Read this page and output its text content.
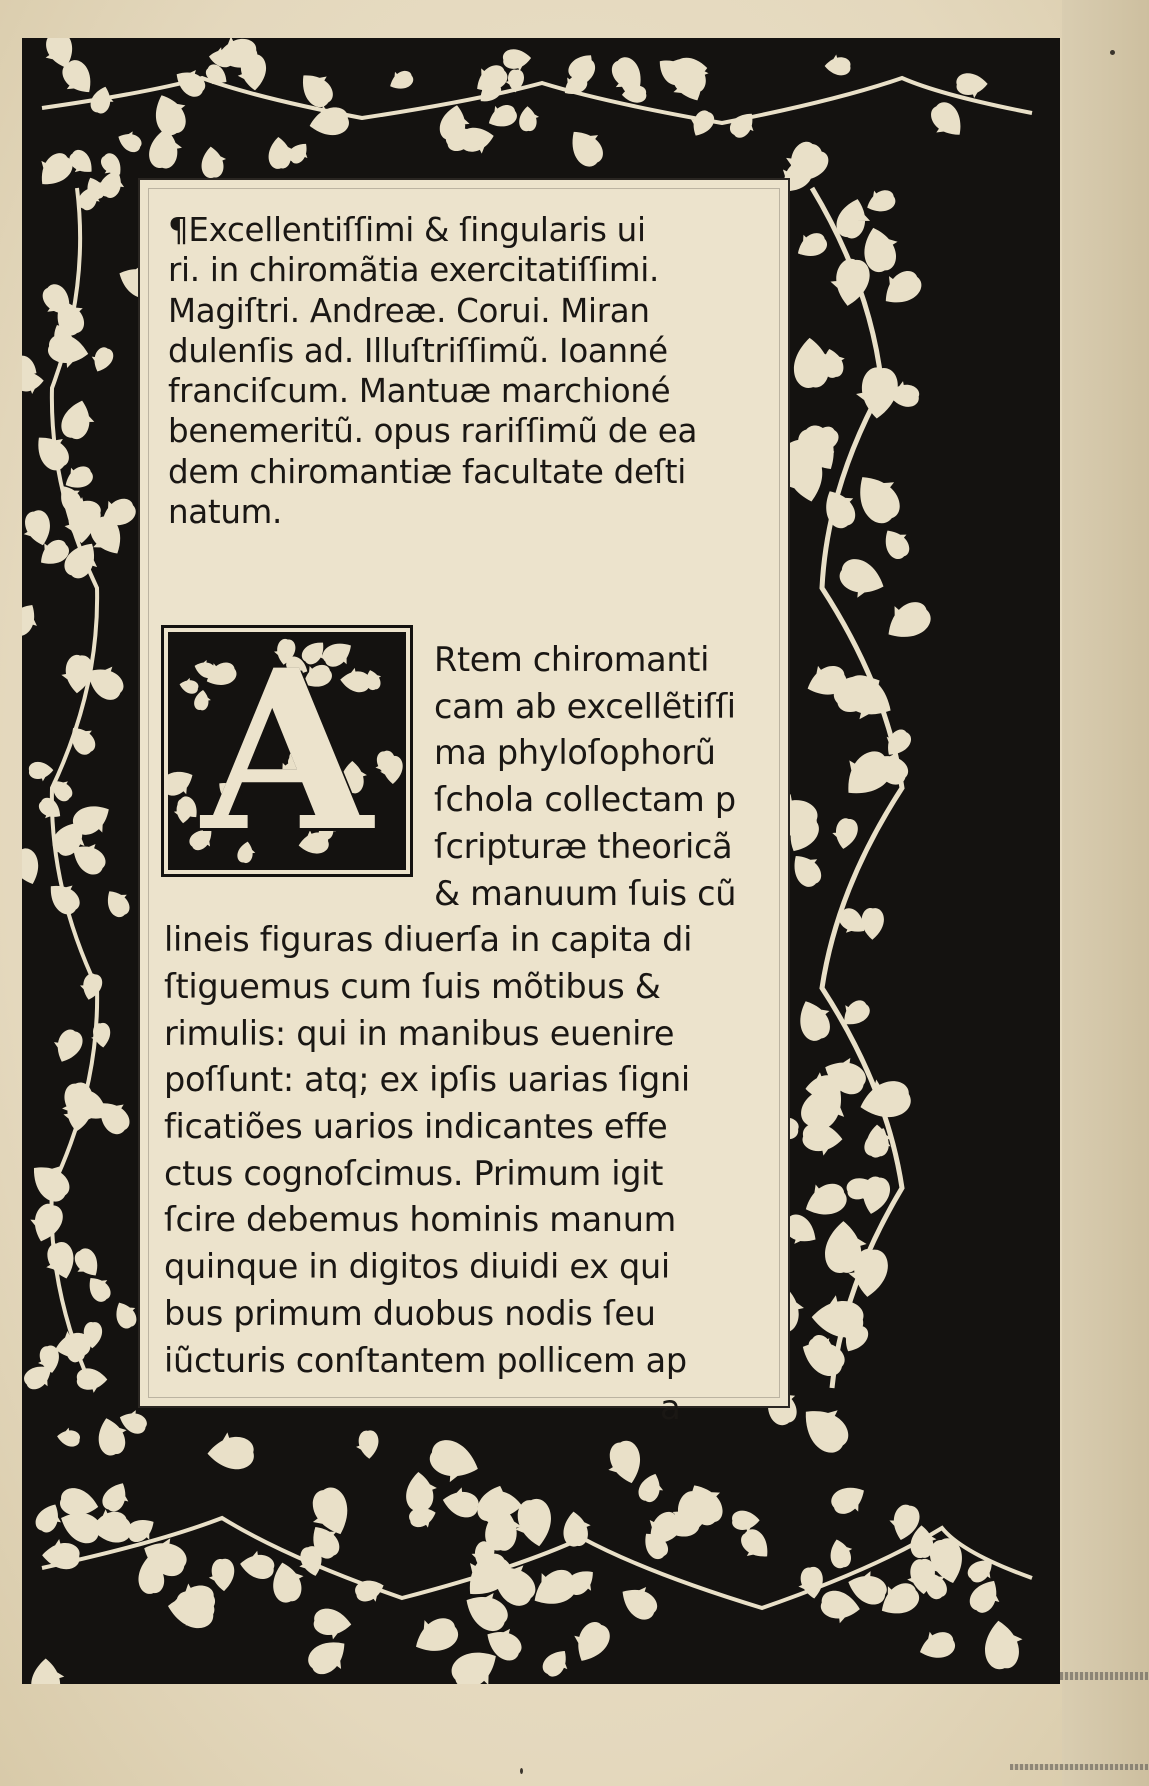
¶Excellentiſſimi & ſingularis ui
ri. in chiromãtia exercitatiſſimi.
Magiſtri. Andreæ. Corui. Miran
dulenſis ad. Illuſtriſſimũ. Ioanné
franciſcum. Mantuæ marchioné
benemeritũ. opus rariſſimũ de ea
dem chiromantiæ facultate deſti
natum.
A	Rtem chiromanti
cam ab excellẽtiſſi
ma phyloſophorũ
ſchola collectam p
ſcripturæ theoricã
& manuum ſuis cũ
lineis figuras diuerſa in capita di
ſtiguemus cum ſuis mõtibus &
rimulis: qui in manibus euenire
poſſunt: atq; ex ipſis uarias ſigni
ficatiões uarios indicantes effe
ctus cognoſcimus. Primum igit
ſcire debemus hominis manum
quinque in digitos diuidi ex qui
bus primum duobus nodis ſeu
iũcturis conſtantem pollicem ap
a
